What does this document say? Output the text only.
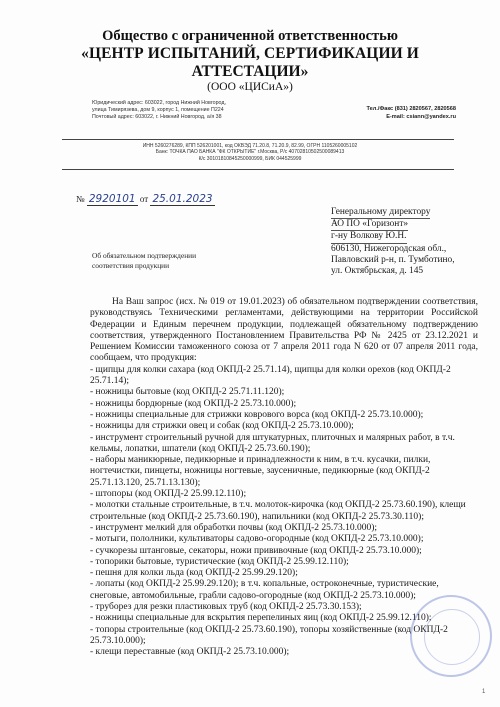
Общество с ограниченной ответственностью
«ЦЕНТР ИСПЫТАНИЙ, СЕРТИФИКАЦИИ И
АТТЕСТАЦИИ»
(ООО «ЦИСиА»)
Юридический адрес: 603022, город Нижний Новгород,
улица Тимирязева, дом 9, корпус 1, помещение П224
Почтовый адрес: 603022, г. Нижний Новгород, а/я 38
Тел./Факс (831) 2820567, 2820568
E-mail: csiann@yandex.ru
ИНН 5260276289, КПП 526201001, код ОКВЭД 71.20.8, 71.20.9, 82.99, ОГРН 1105260005102
Банк: ТОЧКА ПАО БАНКА "ФК ОТКРЫТИЕ" г.Москва, Р/с 40702810502500089413
К/с 30101810845250000999, БИК 044525999
№ 2920101 от 25.01.2023
Генеральному директору
АО ПО «Горизонт»
г-ну Волкову Ю.Н.
606130, Нижегородская обл.,
Павловский р-н, п. Тумботино,
ул. Октябрьская, д. 145
Об обязательном подтверждении
соответствия продукции

На Ваш запрос (исх. № 019 от 19.01.2023) об обязательном подтверждении соответствия, руководствуясь Техническими регламентами, действующими на территории Российской Федерации и Единым перечнем продукции, подлежащей обязательному подтверждению соответствия, утвержденного Постановлением Правительства РФ № 2425 от 23.12.2021 и Решением Комиссии таможенного союза от 7 апреля 2011 года N 620 от 07 апреля 2011 года, сообщаем, что продукция:

- щипцы для колки сахара (код ОКПД-2 25.71.14), щипцы для колки орехов (код ОКПД-2 25.71.14);
- ножницы бытовые (код ОКПД-2 25.71.11.120);
- ножницы бордюрные (код ОКПД-2 25.73.10.000);
- ножницы специальные для стрижки коврового ворса (код ОКПД-2 25.73.10.000);
- ножницы для стрижки овец и собак (код ОКПД-2 25.73.10.000);
- инструмент строительный ручной для штукатурных, плиточных и малярных работ, в т.ч. кельмы, лопатки, шпатели (код ОКПД-2 25.73.60.190);
- наборы маникюрные, педикюрные и принадлежности к ним, в т.ч. кусачки, пилки, ногтечистки, пинцеты, ножницы ногтевые, заусеничные, педикюрные (код ОКПД-2 25.71.13.120, 25.71.13.130);
- штопоры (код ОКПД-2 25.99.12.110);
- молотки стальные строительные, в т.ч. молоток-кирочка (код ОКПД-2 25.73.60.190), клещи строительные (код ОКПД-2 25.73.60.190), напильники (код ОКПД-2 25.73.30.110);
- инструмент мелкий для обработки почвы (код ОКПД-2 25.73.10.000);
- мотыги, пололники, культиваторы садово-огородные (код ОКПД-2 25.73.10.000);
- сучкорезы штанговые, секаторы, ножи прививочные (код ОКПД-2 25.73.10.000);
- топорики бытовые, туристические (код ОКПД-2 25.99.12.110);
- пешня для колки льда (код ОКПД-2 25.99.29.120);
- лопаты (код ОКПД-2 25.99.29.120); в т.ч. копальные, остроконечные, туристические, снеговые, автомобильные, грабли садово-огородные (код ОКПД-2 25.73.10.000);
- труборез для резки пластиковых труб (код ОКПД-2 25.73.30.153);
- ножницы специальные для вскрытия перепелиных яиц (код ОКПД-2 25.99.12.110);
- топоры строительные (код ОКПД-2 25.73.60.190), топоры хозяйственные (код ОКПД-2 25.73.10.000);
- клещи переставные (код ОКПД-2 25.73.10.000);
1
